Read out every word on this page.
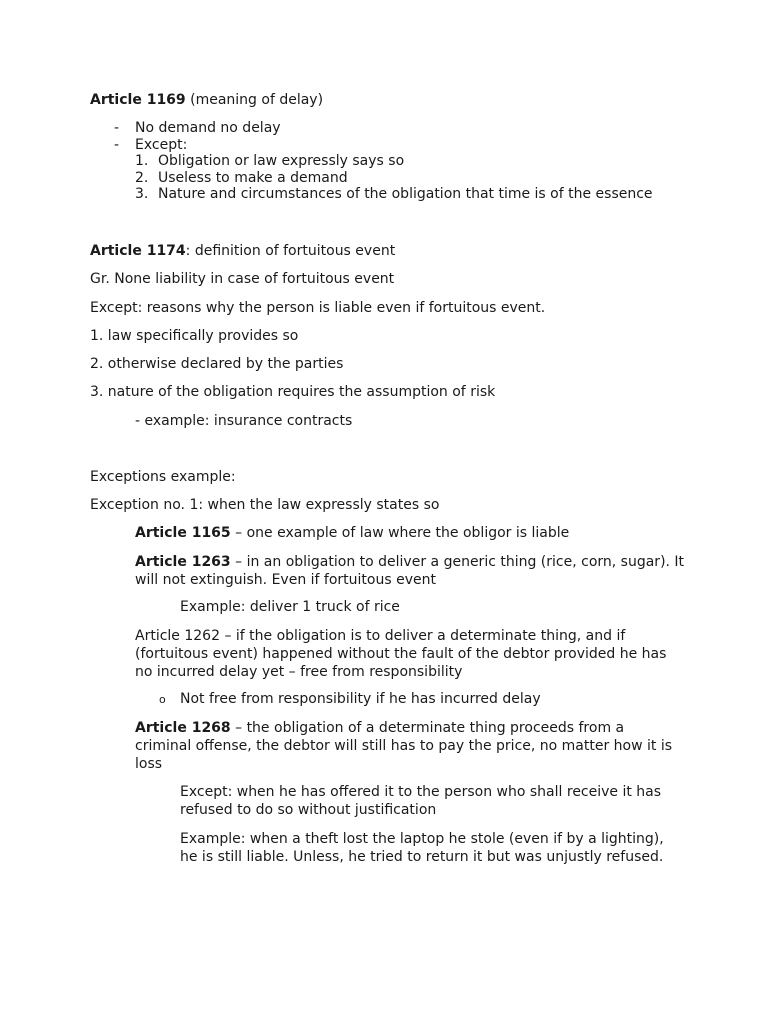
Article 1169 (meaning of delay)

- No demand no delay
- Except:
1. Obligation or law expressly says so
2. Useless to make a demand
3. Nature and circumstances of the obligation that time is of the essence

Article 1174: definition of fortuitous event

Gr. None liability in case of fortuitous event

Except: reasons why the person is liable even if fortuitous event.

1. law specifically provides so

2. otherwise declared by the parties

3. nature of the obligation requires the assumption of risk

- example: insurance contracts

Exceptions example:

Exception no. 1: when the law expressly states so

Article 1165 – one example of law where the obligor is liable

Article 1263 – in an obligation to deliver a generic thing (rice, corn, sugar). It
will not extinguish. Even if fortuitous event

Example: deliver 1 truck of rice

Article 1262 – if the obligation is to deliver a determinate thing, and if
(fortuitous event) happened without the fault of the debtor provided he has
no incurred delay yet – free from responsibility

o Not free from responsibility if he has incurred delay

Article 1268 – the obligation of a determinate thing proceeds from a
criminal offense, the debtor will still has to pay the price, no matter how it is
loss

Except: when he has offered it to the person who shall receive it has
refused to do so without justification

Example: when a theft lost the laptop he stole (even if by a lighting),
he is still liable. Unless, he tried to return it but was unjustly refused.
